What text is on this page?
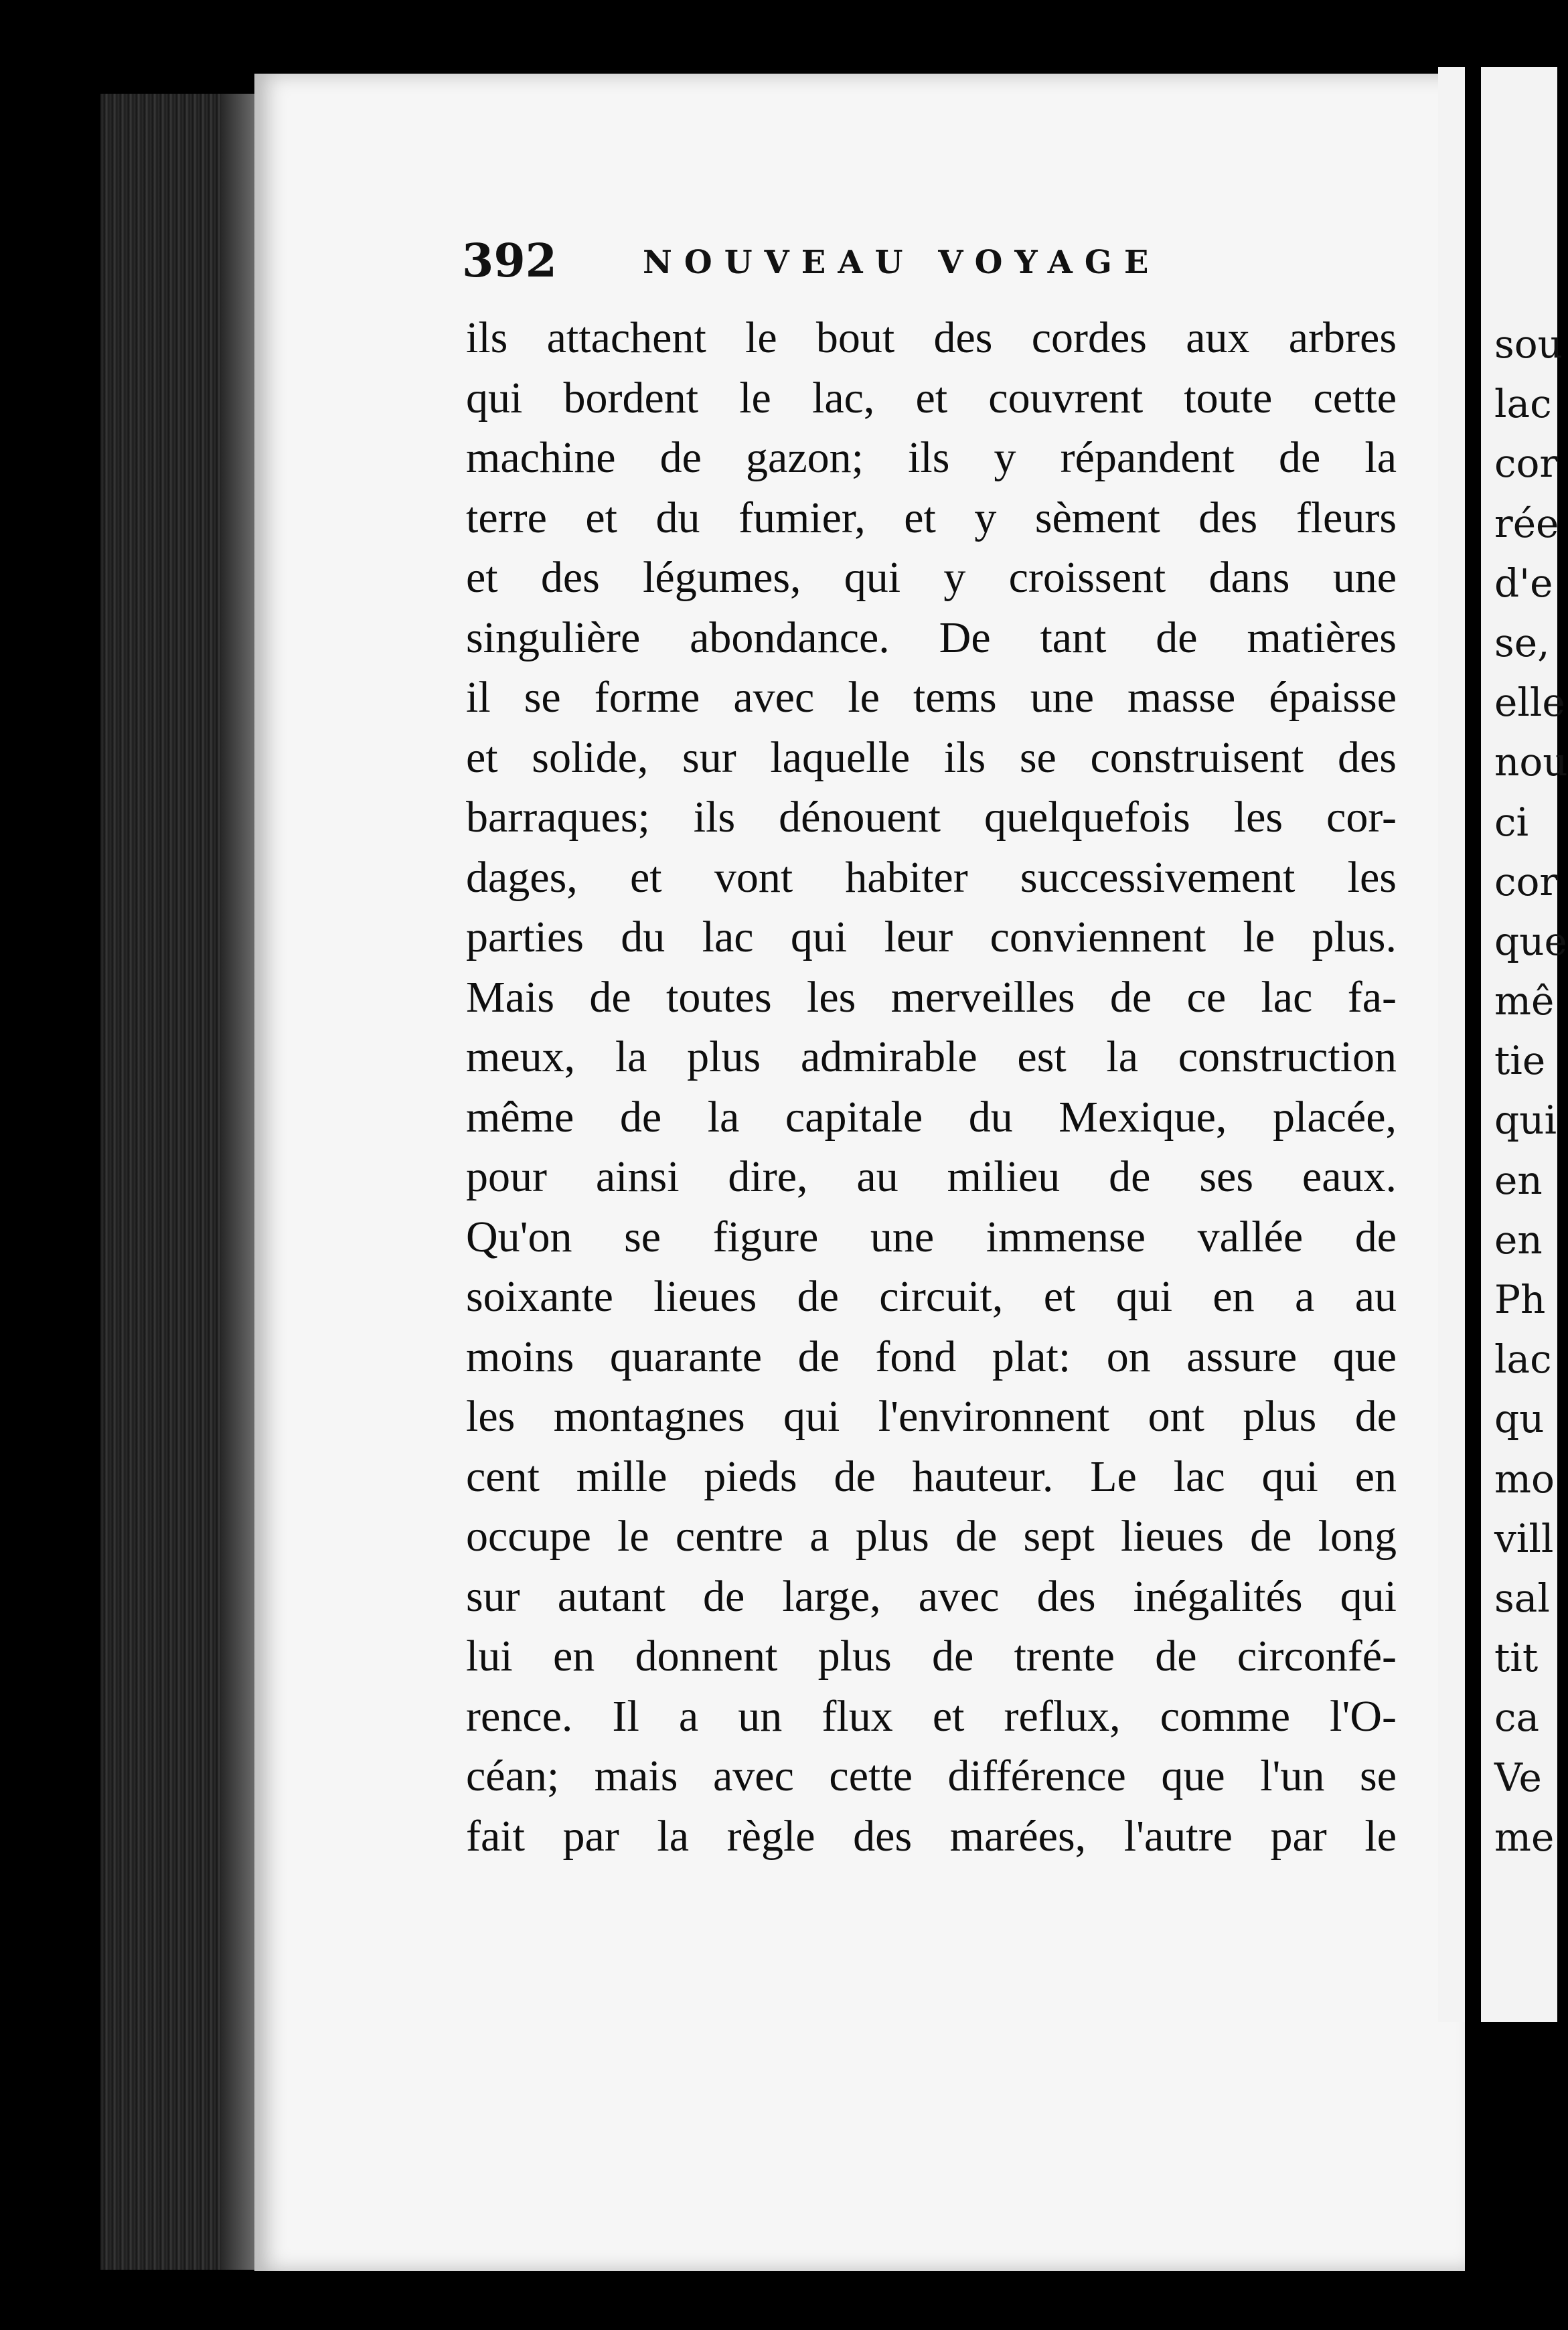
sou
lac
cor
rée
d'e
se,
elle
nou
ci
cor
que
mê
tie
qui
en
en
Ph
lac
qu
mo
vill
sal
tit
ca
Ve
me
392	NOUVEAU VOYAGE
ils attachent le bout des cordes aux arbres
qui bordent le lac, et couvrent toute cette
machine de gazon; ils y répandent de la
terre et du fumier, et y sèment des fleurs
et des légumes, qui y croissent dans une
singulière abondance. De tant de matières
il se forme avec le tems une masse épaisse
et solide, sur laquelle ils se construisent des
barraques; ils dénouent quelquefois les cor-
dages, et vont habiter successivement les
parties du lac qui leur conviennent le plus.
Mais de toutes les merveilles de ce lac fa-
meux, la plus admirable est la construction
même de la capitale du Mexique, placée,
pour ainsi dire, au milieu de ses eaux.
Qu'on se figure une immense vallée de
soixante lieues de circuit, et qui en a au
moins quarante de fond plat: on assure que
les montagnes qui l'environnent ont plus de
cent mille pieds de hauteur. Le lac qui en
occupe le centre a plus de sept lieues de long
sur autant de large, avec des inégalités qui
lui en donnent plus de trente de circonfé-
rence. Il a un flux et reflux, comme l'O-
céan; mais avec cette différence que l'un se
fait par la règle des marées, l'autre par le
